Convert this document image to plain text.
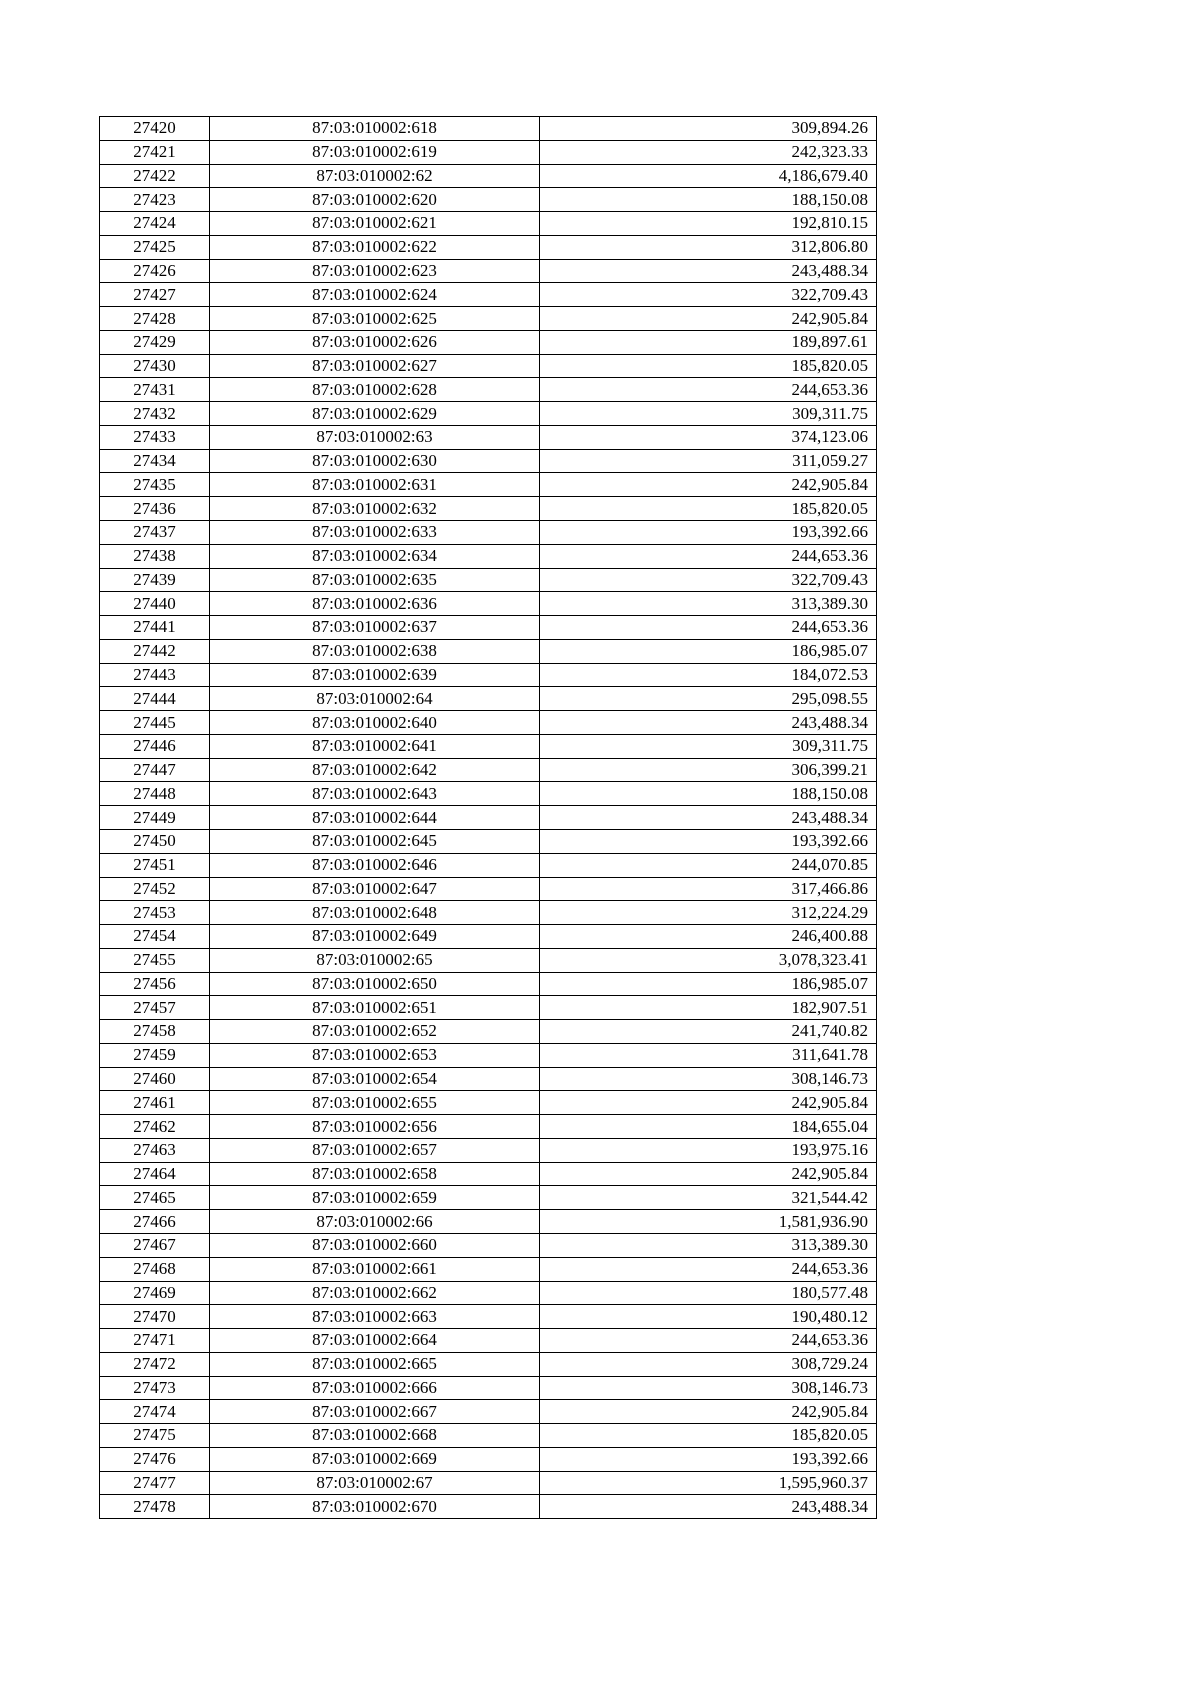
27420	87:03:010002:618	309,894.26
27421	87:03:010002:619	242,323.33
27422	87:03:010002:62	4,186,679.40
27423	87:03:010002:620	188,150.08
27424	87:03:010002:621	192,810.15
27425	87:03:010002:622	312,806.80
27426	87:03:010002:623	243,488.34
27427	87:03:010002:624	322,709.43
27428	87:03:010002:625	242,905.84
27429	87:03:010002:626	189,897.61
27430	87:03:010002:627	185,820.05
27431	87:03:010002:628	244,653.36
27432	87:03:010002:629	309,311.75
27433	87:03:010002:63	374,123.06
27434	87:03:010002:630	311,059.27
27435	87:03:010002:631	242,905.84
27436	87:03:010002:632	185,820.05
27437	87:03:010002:633	193,392.66
27438	87:03:010002:634	244,653.36
27439	87:03:010002:635	322,709.43
27440	87:03:010002:636	313,389.30
27441	87:03:010002:637	244,653.36
27442	87:03:010002:638	186,985.07
27443	87:03:010002:639	184,072.53
27444	87:03:010002:64	295,098.55
27445	87:03:010002:640	243,488.34
27446	87:03:010002:641	309,311.75
27447	87:03:010002:642	306,399.21
27448	87:03:010002:643	188,150.08
27449	87:03:010002:644	243,488.34
27450	87:03:010002:645	193,392.66
27451	87:03:010002:646	244,070.85
27452	87:03:010002:647	317,466.86
27453	87:03:010002:648	312,224.29
27454	87:03:010002:649	246,400.88
27455	87:03:010002:65	3,078,323.41
27456	87:03:010002:650	186,985.07
27457	87:03:010002:651	182,907.51
27458	87:03:010002:652	241,740.82
27459	87:03:010002:653	311,641.78
27460	87:03:010002:654	308,146.73
27461	87:03:010002:655	242,905.84
27462	87:03:010002:656	184,655.04
27463	87:03:010002:657	193,975.16
27464	87:03:010002:658	242,905.84
27465	87:03:010002:659	321,544.42
27466	87:03:010002:66	1,581,936.90
27467	87:03:010002:660	313,389.30
27468	87:03:010002:661	244,653.36
27469	87:03:010002:662	180,577.48
27470	87:03:010002:663	190,480.12
27471	87:03:010002:664	244,653.36
27472	87:03:010002:665	308,729.24
27473	87:03:010002:666	308,146.73
27474	87:03:010002:667	242,905.84
27475	87:03:010002:668	185,820.05
27476	87:03:010002:669	193,392.66
27477	87:03:010002:67	1,595,960.37
27478	87:03:010002:670	243,488.34
